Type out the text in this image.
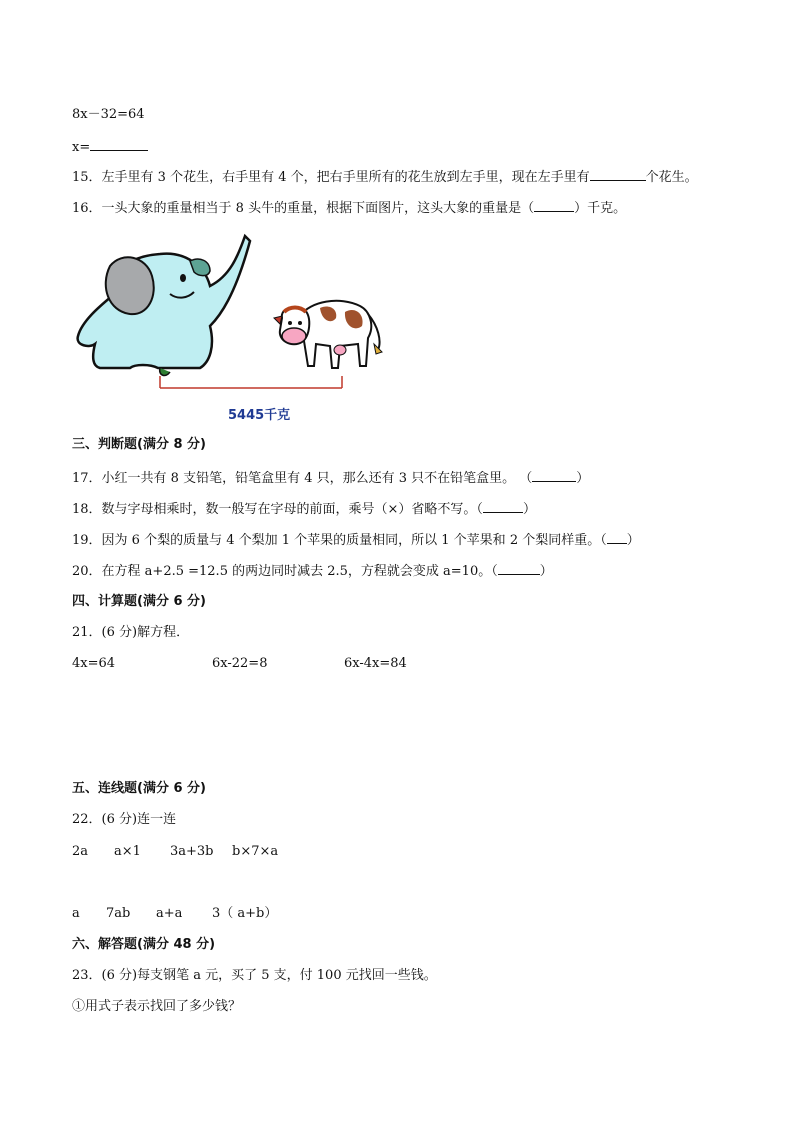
8x－32=64
x=
15．左手里有 3 个花生，右手里有 4 个，把右手里所有的花生放到左手里，现在左手里有	个花生。
16．一头大象的重量相当于 8 头牛的重量，根据下面图片，这头大象的重量是（	）千克。
5445千克
三、判断题(满分 8 分)
17．小红一共有 8 支铅笔，铅笔盒里有 4 只，那么还有 3 只不在铅笔盒里。 （	）
18．数与字母相乘时，数一般写在字母的前面，乘号（×）省略不写。（	）
19．因为 6 个梨的质量与 4 个梨加 1 个苹果的质量相同，所以 1 个苹果和 2 个梨同样重。（ ）
20．在方程 a+2.5 =12.5 的两边同时减去 2.5，方程就会变成 a=10。（	）
四、计算题(满分 6 分)
21．(6 分)解方程．
4x=64	6x-22=8	6x-4x=84
五、连线题(满分 6 分)
22．(6 分)连一连
2a a×1 3a+3b b×7×a
a 7ab a+a 3（ a+b）
六、解答题(满分 48 分)
23．(6 分)每支钢笔 a 元，买了 5 支，付 100 元找回一些钱。
①用式子表示找回了多少钱？
